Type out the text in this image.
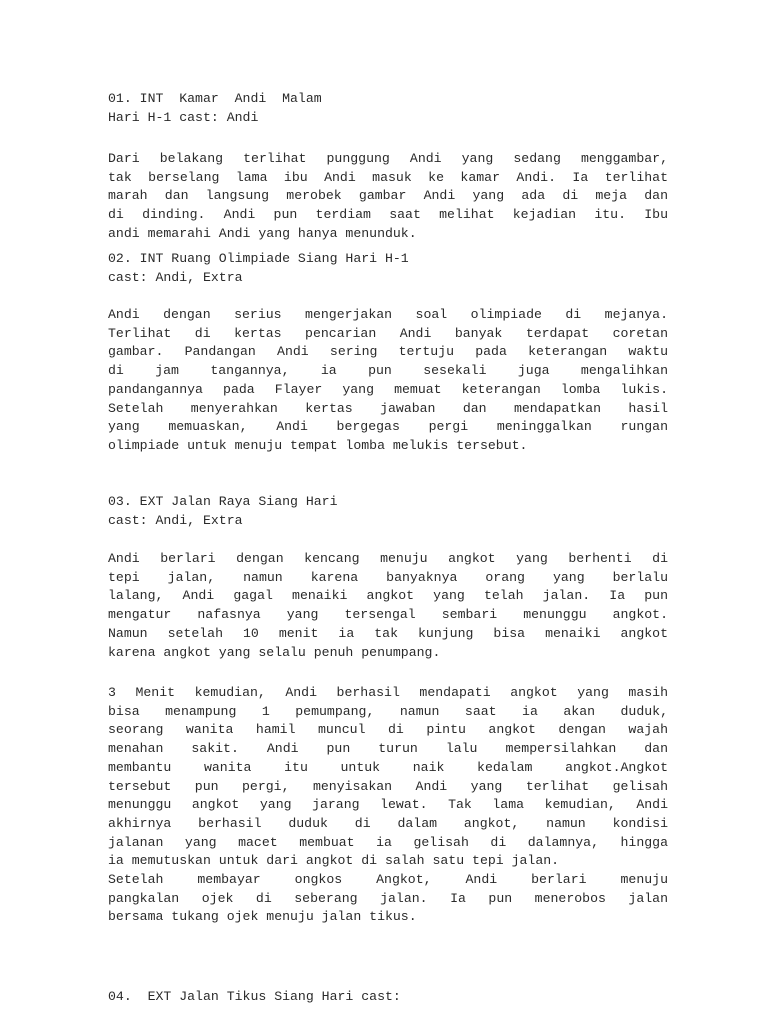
01. INT  Kamar  Andi  Malam
Hari H-1 cast: Andi
Dari belakang terlihat punggung Andi yang sedang menggambar,
tak berselang lama ibu Andi masuk ke kamar Andi. Ia terlihat
marah dan langsung merobek gambar Andi yang ada di meja dan
di dinding. Andi pun terdiam saat melihat kejadian itu. Ibu
andi memarahi Andi yang hanya menunduk.
02. INT Ruang Olimpiade Siang Hari H-1
cast: Andi, Extra
Andi dengan serius mengerjakan soal olimpiade di mejanya.
Terlihat di kertas pencarian Andi banyak terdapat coretan
gambar. Pandangan Andi sering tertuju pada keterangan waktu
di jam tangannya, ia pun sesekali juga mengalihkan
pandangannya pada Flayer yang memuat keterangan lomba lukis.
Setelah menyerahkan kertas jawaban dan mendapatkan hasil
yang memuaskan, Andi bergegas pergi meninggalkan rungan
olimpiade untuk menuju tempat lomba melukis tersebut.
03. EXT Jalan Raya Siang Hari
cast: Andi, Extra
Andi berlari dengan kencang menuju angkot yang berhenti di
tepi jalan, namun karena banyaknya orang yang berlalu
lalang, Andi gagal menaiki angkot yang telah jalan. Ia pun
mengatur nafasnya yang tersengal sembari menunggu angkot.
Namun setelah 10 menit ia tak kunjung bisa menaiki angkot
karena angkot yang selalu penuh penumpang.
3 Menit kemudian, Andi berhasil mendapati angkot yang masih
bisa menampung 1 pemumpang, namun saat ia akan duduk,
seorang wanita hamil muncul di pintu angkot dengan wajah
menahan sakit. Andi pun turun lalu mempersilahkan dan
membantu wanita itu untuk naik kedalam angkot.Angkot
tersebut pun pergi, menyisakan Andi yang terlihat gelisah
menunggu angkot yang jarang lewat. Tak lama kemudian, Andi
akhirnya berhasil duduk di dalam angkot, namun kondisi
jalanan yang macet membuat ia gelisah di dalamnya, hingga
ia memutuskan untuk dari angkot di salah satu tepi jalan.
Setelah membayar ongkos Angkot, Andi berlari menuju
pangkalan ojek di seberang jalan. Ia pun menerobos jalan
bersama tukang ojek menuju jalan tikus.
04.  EXT Jalan Tikus Siang Hari cast:
